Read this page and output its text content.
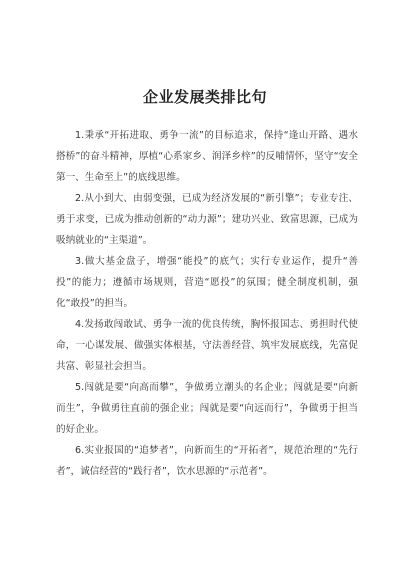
企业发展类排比句

1.秉承“开拓进取、勇争一流”的目标追求，保持“逢山开路、遇水搭桥”的奋斗精神，厚植“心系家乡、润泽乡梓”的反哺情怀，坚守“安全第一、生命至上”的底线思维。

2.从小到大、由弱变强，已成为经济发展的“新引擎”；专业专注、勇于求变，已成为推动创新的“动力源”；建功兴业、致富思源，已成为吸纳就业的“主渠道”。

3.做大基金盘子，增强“能投”的底气；实行专业运作，提升“善投”的能力；遵循市场规则，营造“愿投”的氛围；健全制度机制，强化“敢投”的担当。

4.发扬敢闯敢试、勇争一流的优良传统，胸怀报国志、勇担时代使命，一心谋发展、做强实体根基，守法善经营、筑牢发展底线，先富促共富、彰显社会担当。

5.闯就是要“向高而攀”，争做勇立潮头的名企业；闯就是要“向新而生”，争做勇往直前的强企业；闯就是要“向远而行”，争做勇于担当的好企业。

6.实业报国的“追梦者”，向新而生的“开拓者”，规范治理的“先行者”，诚信经营的“践行者”，饮水思源的“示范者”。
